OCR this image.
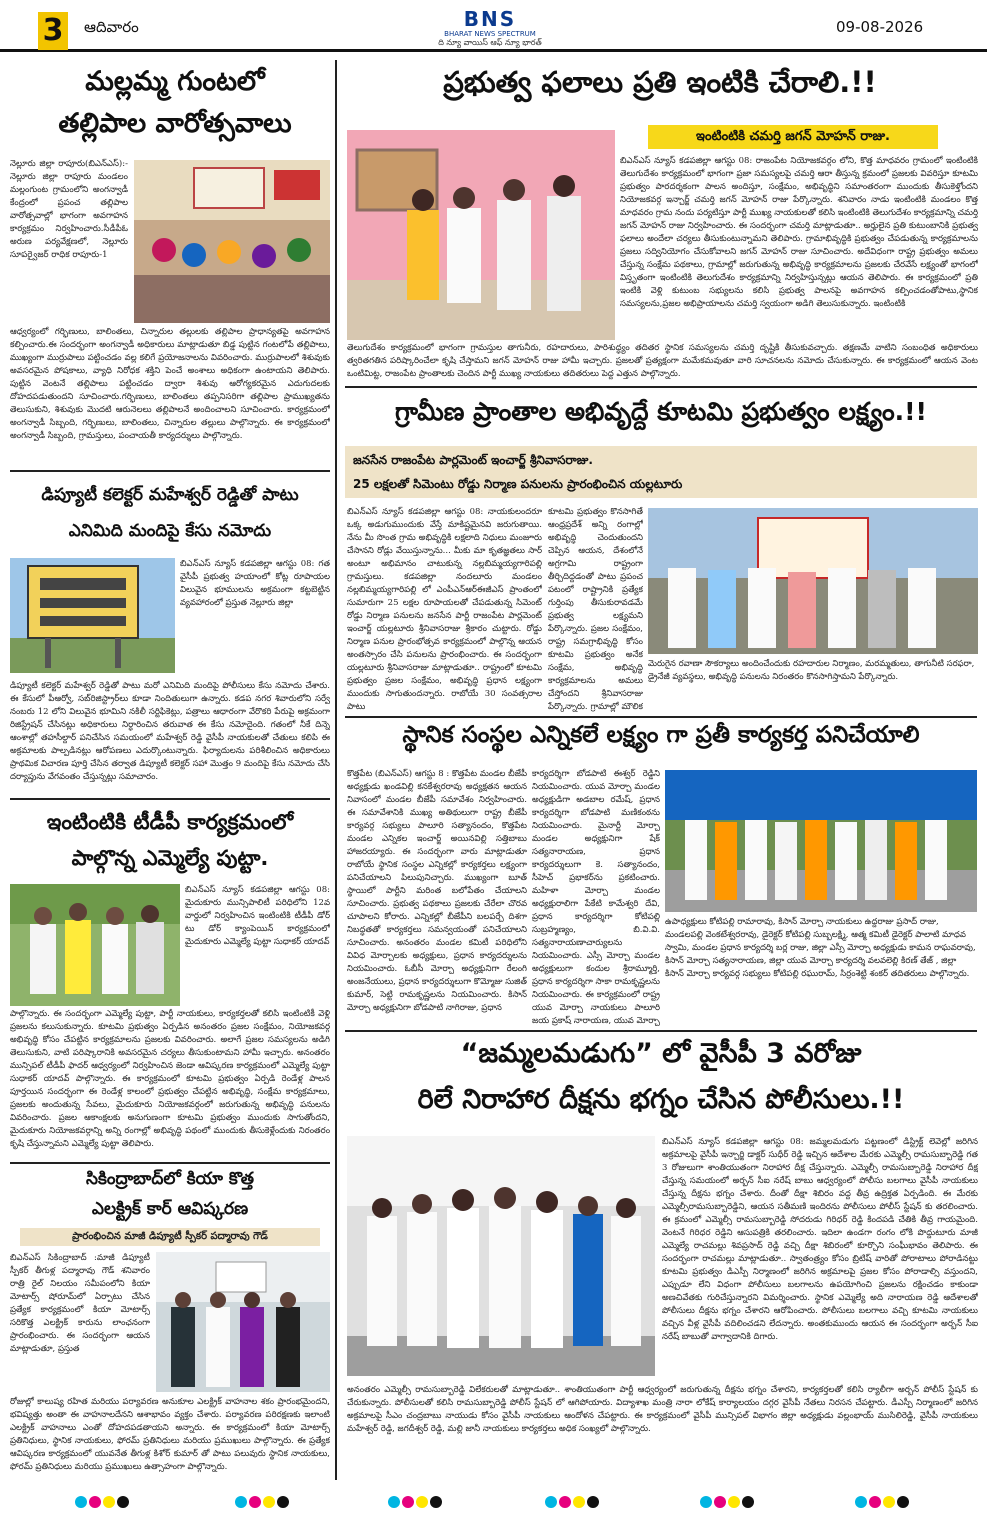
3	ఆదివారం	BNS
BHARAT NEWS SPECTRUM
ది న్యూ వాయిస్ ఆఫ్ న్యూ భారత్
09-08-2026
మల్లమ్మ గుంటలో
తల్లిపాల వారోత్సవాలు
నెల్లూరు జిల్లా రాపూరు(బిఎన్ఎస్):- నెల్లూరు జిల్లా రాపూరు మండలం మల్లంగుంట గ్రామంలోని అంగన్వాడీ కేంద్రంలో ప్రపంచ తల్లిపాల వారోత్సవాల్లో భాగంగా అవగాహన కార్యక్రమం నిర్వహించారు.సీడీపీఓ అరుణ పర్యవేక్షణలో, నెల్లూరు సూపర్వైజర్ రాధిక రాపూరు-1
ఆధ్వర్యంలో గర్భిణులు, బాలింతలు, చిన్నారుల తల్లులకు తల్లిపాల ప్రాధాన్యతపై అవగాహన కల్పించారు.ఈ సందర్భంగా అంగన్వాడీ అధికారులు మాట్లాడుతూ బిడ్డ పుట్టిన గంటలోపే తల్లిపాలు, ముఖ్యంగా ముర్రుపాలు పట్టించడం వల్ల కలిగే ప్రయోజనాలను వివరించారు. ముర్రుపాలలో శిశువుకు అవసరమైన పోషకాలు, వ్యాధి నిరోధక శక్తిని పెంచే అంశాలు అధికంగా ఉంటాయని తెలిపారు. పుట్టిన వెంటనే తల్లిపాలు పట్టించడం ద్వారా శిశువు ఆరోగ్యకరమైన ఎదుగుదలకు దోహదపడుతుందని సూచించారు.గర్భిణులు, బాలింతలు తప్పనిసరిగా తల్లిపాల ప్రాముఖ్యతను తెలుసుకుని, శిశువుకు మొదటి ఆరునెలలు తల్లిపాలనే అందించాలని సూచించారు. కార్యక్రమంలో అంగన్వాడీ సిబ్బంది, గర్భిణులు, బాలింతలు, చిన్నారుల తల్లులు పాల్గొన్నారు. ఈ కార్యక్రమంలో అంగన్వాడీ సిబ్బంది, గ్రామస్తులు, పంచాయతీ కార్యదర్శులు పాల్గొన్నారు.
డిప్యూటీ కలెక్టర్ మహేశ్వర్ రెడ్డితో పాటు
ఎనిమిది మందిపై కేసు నమోదు
బిఎన్ఎస్ న్యూస్ కడపజిల్లా ఆగస్టు 08: గత వైసీపీ ప్రభుత్వ హయాంలో కోట్ల రూపాయల విలువైన భూములను అక్రమంగా కట్టబెట్టిన వ్యవహారంలో ప్రస్తుత నెల్లూరు జిల్లా
డిప్యూటీ కలెక్టర్ మహేశ్వర్ రెడ్డితో పాటు మరో ఎనిమిది మందిపై పోలీసులు కేసు నమోదు చేశారు. ఈ కేసులో పీఆర్వో, సబ్‌రిజిస్ట్రార్‌లు కూడా నిందితులుగా ఉన్నారు. కడప నగర శివారులోని సర్వే నంబరు 12 లోని విలువైన భూమిని నకిలీ సర్టిఫికెట్లు, పత్రాలు ఆధారంగా వేరొకరి పేరుపై అక్రమంగా రిజిస్ట్రేషన్ చేసినట్లు అధికారులు నిర్ధారించిన తరువాత ఈ కేసు నమోదైంది. గతంలో నీకే దిన్నె ఆంశాల్లో తహసీల్దార్ పనిచేసిన సమయంలో మహేశ్వర్ రెడ్డి వైసీపీ నాయకులతో చేతులు కలిపి ఈ అక్రమాలకు పాల్పడినట్లు ఆరోపణలు ఎదుర్కొంటున్నారు. ఫిర్యాదులను పరిశీలించిన అధికారులు ప్రాథమిక విచారణ పూర్తి చేసిన తర్వాత డిప్యూటీ కలెక్టర్ సహా మొత్తం 9 మందిపై కేసు నమోదు చేసి దర్యాప్తును వేగవంతం చేస్తున్నట్లు సమాచారం.
ఇంటింటికి టీడీపీ కార్యక్రమంలో
పాల్గొన్న ఎమ్మెల్యే పుట్టా.
బిఎన్ఎస్ న్యూస్ కడపజిల్లా ఆగస్టు 08: మైదుకూరు మున్సిపాలిటీ పరిధిలోని 12వ వార్డులో నిర్వహించిన ఇంటింటికి టీడీపీ డోర్ టు డోర్ క్యాంపెయిన్ కార్యక్రమంలో మైదుకూరు ఎమ్మెల్యే పుట్టా సుధాకర్ యాదవ్
పాల్గొన్నారు. ఈ సందర్భంగా ఎమ్మెల్యే పుట్టా, పార్టీ నాయకులు, కార్యకర్తలతో కలిసి ఇంటింటికీ వెళ్లి ప్రజలను కలుసుకున్నారు. కూటమి ప్రభుత్వం ఏర్పడిన అనంతరం ప్రజల సంక్షేమం, నియోజకవర్గ అభివృద్ధి కోసం చేపట్టిన కార్యక్రమాలను ప్రజలకు వివరించారు. అలాగే ప్రజల సమస్యలను అడిగి తెలుసుకుని, వాటి పరిష్కారానికి అవసరమైన చర్యలు తీసుకుంటామని హామీ ఇచ్చారు. అనంతరం మున్సిపల్ టీడీపీ ఫాదర్ ఆధ్వర్యంలో నిర్వహించిన జెండా ఆవిష్కరణ కార్యక్రమంలో ఎమ్మెల్యే పుట్టా సుధాకర్ యాదవ్ పాల్గొన్నారు. ఈ కార్యక్రమంలో కూటమి ప్రభుత్వం ఏర్పడి రెండేళ్ల పాలన పూర్తయిన సందర్భంగా ఈ రెండేళ్ల కాలంలో ప్రభుత్వం చేపట్టిన అభివృద్ధి, సంక్షేమ కార్యక్రమాలు, ప్రజలకు అందుతున్న సేవలు, మైదుకూరు నియోజకవర్గంలో జరుగుతున్న అభివృద్ధి పనులను వివరించారు. ప్రజల ఆకాంక్షలకు అనుగుణంగా కూటమి ప్రభుత్వం ముందుకు సాగుతోందని, మైదుకూరు నియోజకవర్గాన్ని అన్ని రంగాల్లో అభివృద్ధి పథంలో ముందుకు తీసుకెళ్లేందుకు నిరంతరం కృషి చేస్తున్నామని ఎమ్మెల్యే పుట్టా తెలిపారు.
సికింద్రాబాద్‌లో కియా కొత్త
ఎలక్ట్రిక్ కార్ ఆవిష్కరణ
ప్రారంభించిన మాజీ డిప్యూటీ స్పీకర్ పద్మారావు గౌడ్
బిఎన్ఎస్ సికింద్రాబాద్ :మాజీ డిప్యూటీ స్పీకర్ తీగుళ్ల పద్మారావు గౌడ్ శనివారం రాత్రి రైల్ నిలయం సమీపంలోని కియా మోటార్స్ షోరూమ్‌లో ఏర్పాటు చేసిన ప్రత్యేక కార్యక్రమంలో కియా మోటార్స్ సరికొత్త ఎలక్ట్రిక్ కారును లాంఛనంగా ప్రారంభించారు. ఈ సందర్భంగా ఆయన మాట్లాడుతూ, ప్రస్తుత
రోజుల్లో కాలుష్య రహిత మరియు పర్యావరణ అనుకూల ఎలక్ట్రిక్ వాహనాల శకం ప్రారంభమైందని, భవిష్యత్తు అంతా ఈ వాహనాలదేనని ఆశాభావం వ్యక్తం చేశారు. పర్యావరణ పరిరక్షణకు ఇలాంటి ఎలక్ట్రిక్ వాహనాలు ఎంతో దోహదపడతాయని అన్నారు. ఈ కార్యక్రమంలో కియా మోటార్స్ ప్రతినిధులు, స్థానిక నాయకులు, ఫోరమ్ ప్రతినిధులు మరియు ప్రముఖులు పాల్గొన్నారు. ఈ ప్రత్యేక ఆవిష్కరణ కార్యక్రమంలో యువనేత తీగుళ్ల కిశోర్ కుమార్ తో పాటు పలువురు స్థానిక నాయకులు, ఫోరమ్ ప్రతినిధులు మరియు ప్రముఖులు ఉత్సాహంగా పాల్గొన్నారు.
ప్రభుత్వ ఫలాలు ప్రతి ఇంటికి చేరాలి.!!
ఇంటింటికి చమర్తి జగన్ మోహన్ రాజు.
బిఎన్ఎస్ న్యూస్ కడపజిల్లా ఆగస్టు 08: రాజంపేట నియోజకవర్గం లోని, కొత్త మాధవరం గ్రామంలో ఇంటింటికి తెలుగుదేశం కార్యక్రమంలో భాగంగా ప్రజా సమస్యలపై చమర్తి ఆరా తీస్తున్న క్రమంలో ప్రజలకు వివరిస్తూ కూటమి ప్రభుత్వం పారదర్శకంగా పాలన అందిస్తూ, సంక్షేమం, అభివృద్ధిని సమాంతరంగా ముందుకు తీసుకెళ్తోందని నియోజకవర్గ ఇన్చార్జ్ చమర్తి జగన్ మోహన్ రాజు పేర్కొన్నారు. శనివారం నాడు ఇంటింటికి మండలం కొత్త మాధవరం గ్రామ నందు పర్యటిస్తూ పార్టీ ముఖ్య నాయకులతో కలిసి ఇంటింటికి తెలుగుదేశం కార్యక్రమాన్ని చమర్తి జగన్ మోహన్ రాజు నిర్వహించారు. ఈ సందర్భంగా చమర్తి మాట్లాడుతూ.. అర్హులైన ప్రతి కుటుంబానికి ప్రభుత్వ ఫలాలు అందేలా చర్యలు తీసుకుంటున్నామని తెలిపారు. గ్రామాభివృద్ధికి ప్రభుత్వం చేపడుతున్న కార్యక్రమాలను ప్రజలు సద్వినియోగం చేసుకోవాలని జగన్ మోహన్ రాజు సూచించారు. అదేవిధంగా రాష్ట్ర ప్రభుత్వం అమలు చేస్తున్న సంక్షేమ పథకాలు, గ్రామాల్లో జరుగుతున్న అభివృద్ధి కార్యక్రమాలను ప్రజలకు చేరవేసే లక్ష్యంతో భాగంలో విస్తృతంగా ఇంటింటికి తెలుగుదేశం కార్యక్రమాన్ని నిర్వహిస్తున్నట్లు ఆయన తెలిపారు. ఈ కార్యక్రమంలో ప్రతి ఇంటికి వెళ్లి కుటుంబ సభ్యులను కలిసి ప్రభుత్వ పాలనపై అవగాహన కల్పించడంతోపాటు,స్థానిక సమస్యలను,ప్రజల అభిప్రాయాలను చమర్తి స్వయంగా అడిగి తెలుసుకున్నారు. ఇంటింటికి
తెలుగుదేశం కార్యక్రమంలో భాగంగా గ్రామస్తుల తాగునీరు, రహదారులు, పారిశుద్ధ్యం తదితర స్థానిక సమస్యలను చమర్తి దృష్టికి తీసుకువచ్చారు. తక్షణమే వాటిని సంబంధిత అధికారులు త్వరితగతిన పరిష్కారించేలా కృషి చేస్తామని జగన్ మోహన్ రాజు హామీ ఇచ్చారు. ప్రజలతో ప్రత్యక్షంగా మమేకమవుతూ వారి సూచనలను నమోదు చేసుకున్నారు. ఈ కార్యక్రమంలో ఆయన వెంట ఒంటిమిట్ట, రాజంపేట ప్రాంతాలకు చెందిన పార్టీ ముఖ్య నాయకులు తదితరులు పెద్ద ఎత్తున పాల్గొన్నారు.
గ్రామీణ ప్రాంతాల అభివృద్దే కూటమి ప్రభుత్వం లక్ష్యం.!!
జనసేన రాజంపేట పార్లమెంట్ ఇంచార్జ్ శ్రీనివాసరాజు.
25 లక్షలతో సిమెంటు రోడ్డు నిర్మాణ పనులను ప్రారంభించిన యల్లటూరు
బిఎన్ఎస్ న్యూస్ కడపజిల్లా ఆగస్టు 08: నాయకులందరూ ఒక్క అడుగుముందుకు వేస్తే మాకిష్టమైనవి జరుగుతాయి. నేను మీ సొంత గ్రామ అభివృద్ధికి లక్షలాది నిధులు మంజూరు చేసానని రోడ్లు వేయిస్తున్నాను... మీకు మా కృతజ్ఞతలు సార్ అంటూ అభిమానం చాటుకున్న నల్లబిమ్మయ్యగారిపల్లి గ్రామస్తులు. కడపజిల్లా నందలూరు మండలం నల్లబిమ్మయ్యగారిపల్లి లో ఎంపీఎన్ఆర్ఈజీఎస్ ప్రాంతంలో సుమారుగా 25 లక్షల రూపాయలతో చేపడుతున్న సిమెంట్ రోడ్డు నిర్మాణ పనులను జనసేన పార్టీ రాజంపేట పార్లమెంట్ ఇంచార్జ్ యల్లటూరు శ్రీనివాసరాజు శ్రీకారం చుట్టారు. రోడ్డు నిర్మాణ పనుల ప్రారంభోత్సవ కార్యక్రమంలో పాల్గొన్న ఆయన అంతస్సారం చేసి పనులను ప్రారంభించారు. ఈ సందర్భంగా యల్లటూరు శ్రీనివాసరాజు మాట్లాడుతూ.. రాష్ట్రంలో కూటమి ప్రభుత్వం ప్రజల సంక్షేమం, అభివృద్ధి ప్రధాన లక్ష్యంగా ముందుకు సాగుతుందన్నారు. రాబోయే 30 సంవత్సరాల పాటు
కూటమి ప్రభుత్వం కొనసాగితే ఆంధ్రప్రదేశ్ అన్ని రంగాల్లో అభివృద్ధి చెందుతుందని చెప్పిన ఆయన, దేశంలోనే అగ్రగామి రాష్ట్రంగా తీర్చిదిద్దడంతో పాటు ప్రపంచ పటంలో రాష్ట్రానికి ప్రత్యేక గుర్తింపు తీసుకురావడమే ప్రభుత్వ లక్ష్యమని పేర్కొన్నారు. ప్రజల సంక్షేమం, రాష్ట్ర సమగ్రాభివృద్ధి కోసం కూటమి ప్రభుత్వం అనేక సంక్షేమ, అభివృద్ధి కార్యక్రమాలను అమలు చేస్తోందని శ్రీనివాసరాజు పేర్కొన్నారు. గ్రామాల్లో మౌలిక
మెరుగైన రవాణా సౌకర్యాలు అందించేందుకు రహదారుల నిర్మాణం, మరమ్మతులు, తాగునీటి సరఫరా, డ్రైనేజీ వ్యవస్థలు, అభివృద్ధి పనులను నిరంతరం కొనసాగిస్తామని పేర్కొన్నారు.
స్థానిక సంస్థల ఎన్నికలే లక్ష్యం గా ప్రతీ కార్యకర్త పనిచేయాలి
కొత్తపేట (బిఎన్ఎస్) ఆగస్టు 8 : కొత్తపేట మండల బీజేపీ అధ్యక్షుడు ఖండవిల్లి కనకేశ్వరరావు అధ్యక్షతన ఆయన నివాసంలో మండల బీజేపీ సమావేశం నిర్వహించారు. ఈ సమావేశానికి ముఖ్య అతిథులుగా రాష్ట్ర బీజేపీ కార్యవర్గ సభ్యులు పాలూరి సత్యానందం, కొత్తపేట మండల ఎన్నికల ఇంచార్జ్ అయినవిల్లి సత్తిబాబు హాజరయ్యారు. ఈ సందర్భంగా వారు మాట్లాడుతూ రాబోయే స్థానిక సంస్థల ఎన్నికల్లో కార్యకర్తలు లక్ష్యంగా పనిచేయాలని పిలుపునిచ్చారు. ముఖ్యంగా బూత్ స్థాయిలో పార్టీని మరింత బలోపేతం చేయాలని సూచించారు. ప్రభుత్వ పథకాలు ప్రజలకు చేరేలా చొరవ చూపాలని కోరారు. ఎన్నికల్లో బీజేపీని బలపర్చే దిశగా నిబద్ధతతో కార్యకర్తలు సమన్వయంతో పనిచేయాలని సూచించారు. అనంతరం మండల కమిటీ పరిధిలోని వివిధ మోర్చాలకు అధ్యక్షులు, ప్రధాన కార్యదర్శులను నియమించారు. ఓబీసీ మోర్చా అధ్యక్షునిగా రేలంగి అంజనేయులు, ప్రధాన కార్యదర్శులుగా కొమ్మోజు సుజిత్ కుమార్, సెట్టి రామకృష్ణలను నియమించారు. కిసాన్ మోర్చా అధ్యక్షునిగా బోడపాటి నాగిరాజు, ప్రధాన
కార్యదర్శిగా బోడపాటి ఈశ్వర్ రెడ్డిని నియమించారు. యువ మోర్చా మండల అధ్యక్షుడిగా అడబాల రమేష్, ప్రధాన కార్యదర్శిగా బోడపాటి మణికంఠను నియమించారు. మైనార్టీ మోర్చా మండల అధ్యక్షునిగా షేక్ సత్యనారాయణ, ప్రధాన కార్యదర్శులుగా కె. సత్యానందం, సీహెచ్ ప్రభాకర్‌ను ప్రకటించారు. మహిళా మోర్చా మండల అధ్యక్షురాలిగా పేకేటి కామేశ్వరి దేవి, ప్రధాన కార్యదర్శిగా కోటిపల్లి సుబ్రహ్మణ్యం, బి.వి.వి. సత్యనారాయణాచార్యులను నియమించారు. ఎస్సీ మోర్చా మండల అధ్యక్షులుగా కందుల శ్రీరామ్మూర్తి, ప్రధాన కార్యదర్శిగా సాకా రామకృష్ణలను నియమించారు. ఈ కార్యక్రమంలో రాష్ట్ర యువ మోర్చా నాయకులు పాలూరి జయ ప్రకాష్ నారాయణ, యువ మోర్చా
ఉపాధ్యక్షులు కోటిపల్లి రామారావు, కిసాన్ మోర్చా నాయకులు ఉద్దరాజు ప్రసాద్ రాజు, మండలపల్లి వెంకటేశ్వరరావు, డైరెక్టర్ కోటిపల్లి సుబ్బలక్ష్మి, ఆత్మ కమిటీ డైరెక్టర్ పాలాటి మాధవ స్వామి, మండల ప్రధాన కార్యదర్శి బర్ల రాజు, జిల్లా ఎస్సీ మోర్చా అధ్యక్షుడు కామన రాఘవరావు, కిసాన్ మోర్చా సత్యనారాయణ, జిల్లా యువ మోర్చా కార్యదర్శి వలవలెల్లి కిరణ్ తేజ్ , జిల్లా కిసాన్ మోర్చా కార్యవర్గ సభ్యులు కోటిపల్లి రఘురామ్, సిర్రంశెట్టి శంకర్ తదితరులు పాల్గొన్నారు.
“జమ్మలమడుగు” లో వైసీపీ 3 వరోజు
రిలే నిరాహార దీక్షను భగ్నం చేసిన పోలీసులు.!!
బిఎన్ఎస్ న్యూస్ కడపజిల్లా ఆగస్టు 08: జమ్మలమడుగు పట్టణంలో డిస్ట్రిక్ట్ లెవెల్లో జరిగిన అక్రమాలపై వైసీపీ ఇన్చార్జి డాక్టర్ సుధీర్ రెడ్డి ఇచ్చిన ఆదేశాల మేరకు ఎమ్మెల్సీ రామసుబ్బారెడ్డి గత 3 రోజులుగా శాంతియుతంగా నిరాహార దీక్ష చేస్తున్నారు. ఎమ్మెల్సీ రామసుబ్బారెడ్డి నిరాహార దీక్ష చేస్తున్న సమయంలో అర్బన్ సీఐ నరేష్ బాబు ఆధ్వర్యంలో పోలీసు బలగాలు వైసీపీ నాయకులు చేస్తున్న దీక్షను భగ్నం చేశారు. దీంతో దీక్షా శిబిరం వద్ద తీవ్ర ఉద్రిక్తత ఏర్పడింది. ఈ మేరకు ఎమ్మెల్సీరామసుబ్బారెడ్డిని, ఆయన సతీమణి ఇందిరను పోలీసులు పోలీస్ స్టేషన్ కు తరలించారు. ఈ క్రమంలో ఎమ్మెల్సీ రామసుబ్బారెడ్డి సోదరుడు గిరిధర్ రెడ్డి కిందపడి చేతికి తీవ్ర గాయమైంది. వెంటనే గిరిధర రెడ్డిని ఆసుపత్రికి తరలించారు. ఇదిలా ఉండగా రంగం లోకి పొద్దుటూరు మాజీ ఎమ్మెల్యే రాచమల్లు శివప్రసాద్ రెడ్డి వచ్చి దీక్షా శిబిరంలో కూర్చొని సంఘీభావం తెలిపారు. ఈ సందర్భంగా రాచమల్లు మాట్లాడుతూ.. స్వాతంత్ర్యం కోసం బ్రిటిష్ వారితో పోరాటాలు పోరాడినట్టు కూటమి ప్రభుత్వం డిఎస్పీ నిర్మాణంలో జరిగిన అక్రమాలపై ప్రజల కోసం పోరాడాల్సి వస్తుందని, ఎప్పుడూ లేని విధంగా పోలీసులు బలగాలను ఉపయోగించి ప్రజలను రక్షించడం కాకుండా అణచివేతకు గురిచేస్తున్నారని విమర్శించారు. స్థానిక ఎమ్మెల్యే అది నారాయణ రెడ్డి ఆదేశాలతో పోలీసులు దీక్షను భగ్నం చేశారని ఆరోపించారు. పోలీసులు బలగాలు వచ్చి కూటమి నాయకులు వచ్చిన వీళ్ల వైసీపీ వదిలించడని లేదన్నారు. అంతకుముందు ఆయన ఈ సందర్భంగా అర్బన్ సీఐ నరేష్ బాబుతో వాగ్వాదానికి దిగారు.
అనంతరం ఎమ్మెల్సీ రామసుబ్బారెడ్డి విలేకరులతో మాట్లాడుతూ.. శాంతియుతంగా పార్టీ ఆధ్వర్యంలో జరుగుతున్న దీక్షను భగ్నం చేశారని, కార్యకర్తలతో కలిసి ర్యాలీగా అర్బన్ పోలీస్ స్టేషన్ కు చేరుకున్నారు. పోలీసులతో కలిసి రామసుబ్బారెడ్డి పోలీస్ స్టేషన్ లో ఆగిపోయారు. విద్యాశాఖ మంత్రి నారా లోకేష్ కార్యాలయం దగ్గర వైసీపీ నేతలు నిరసన చేపట్టారు. డీఎస్పీ నిర్మాణంలో జరిగిన అక్రమాలపై సీఎం చంద్రబాబు నాయుడు కోసం వైసీపీ నాయకులు ఆందోళన చేపట్టారు. ఈ కార్యక్రమంలో వైసీపీ మున్సిపల్ విభాగం జిల్లా అధ్యక్షుడు వల్లంభాయ్ ముసిలిరెడ్డి, వైసీపీ నాయకులు మహేశ్వర్ రెడ్డి, జగదీశ్వర్ రెడ్డి, మల్లి జానీ నాయకులు కార్యకర్తలు అధిక సంఖ్యలో పాల్గొన్నారు.
